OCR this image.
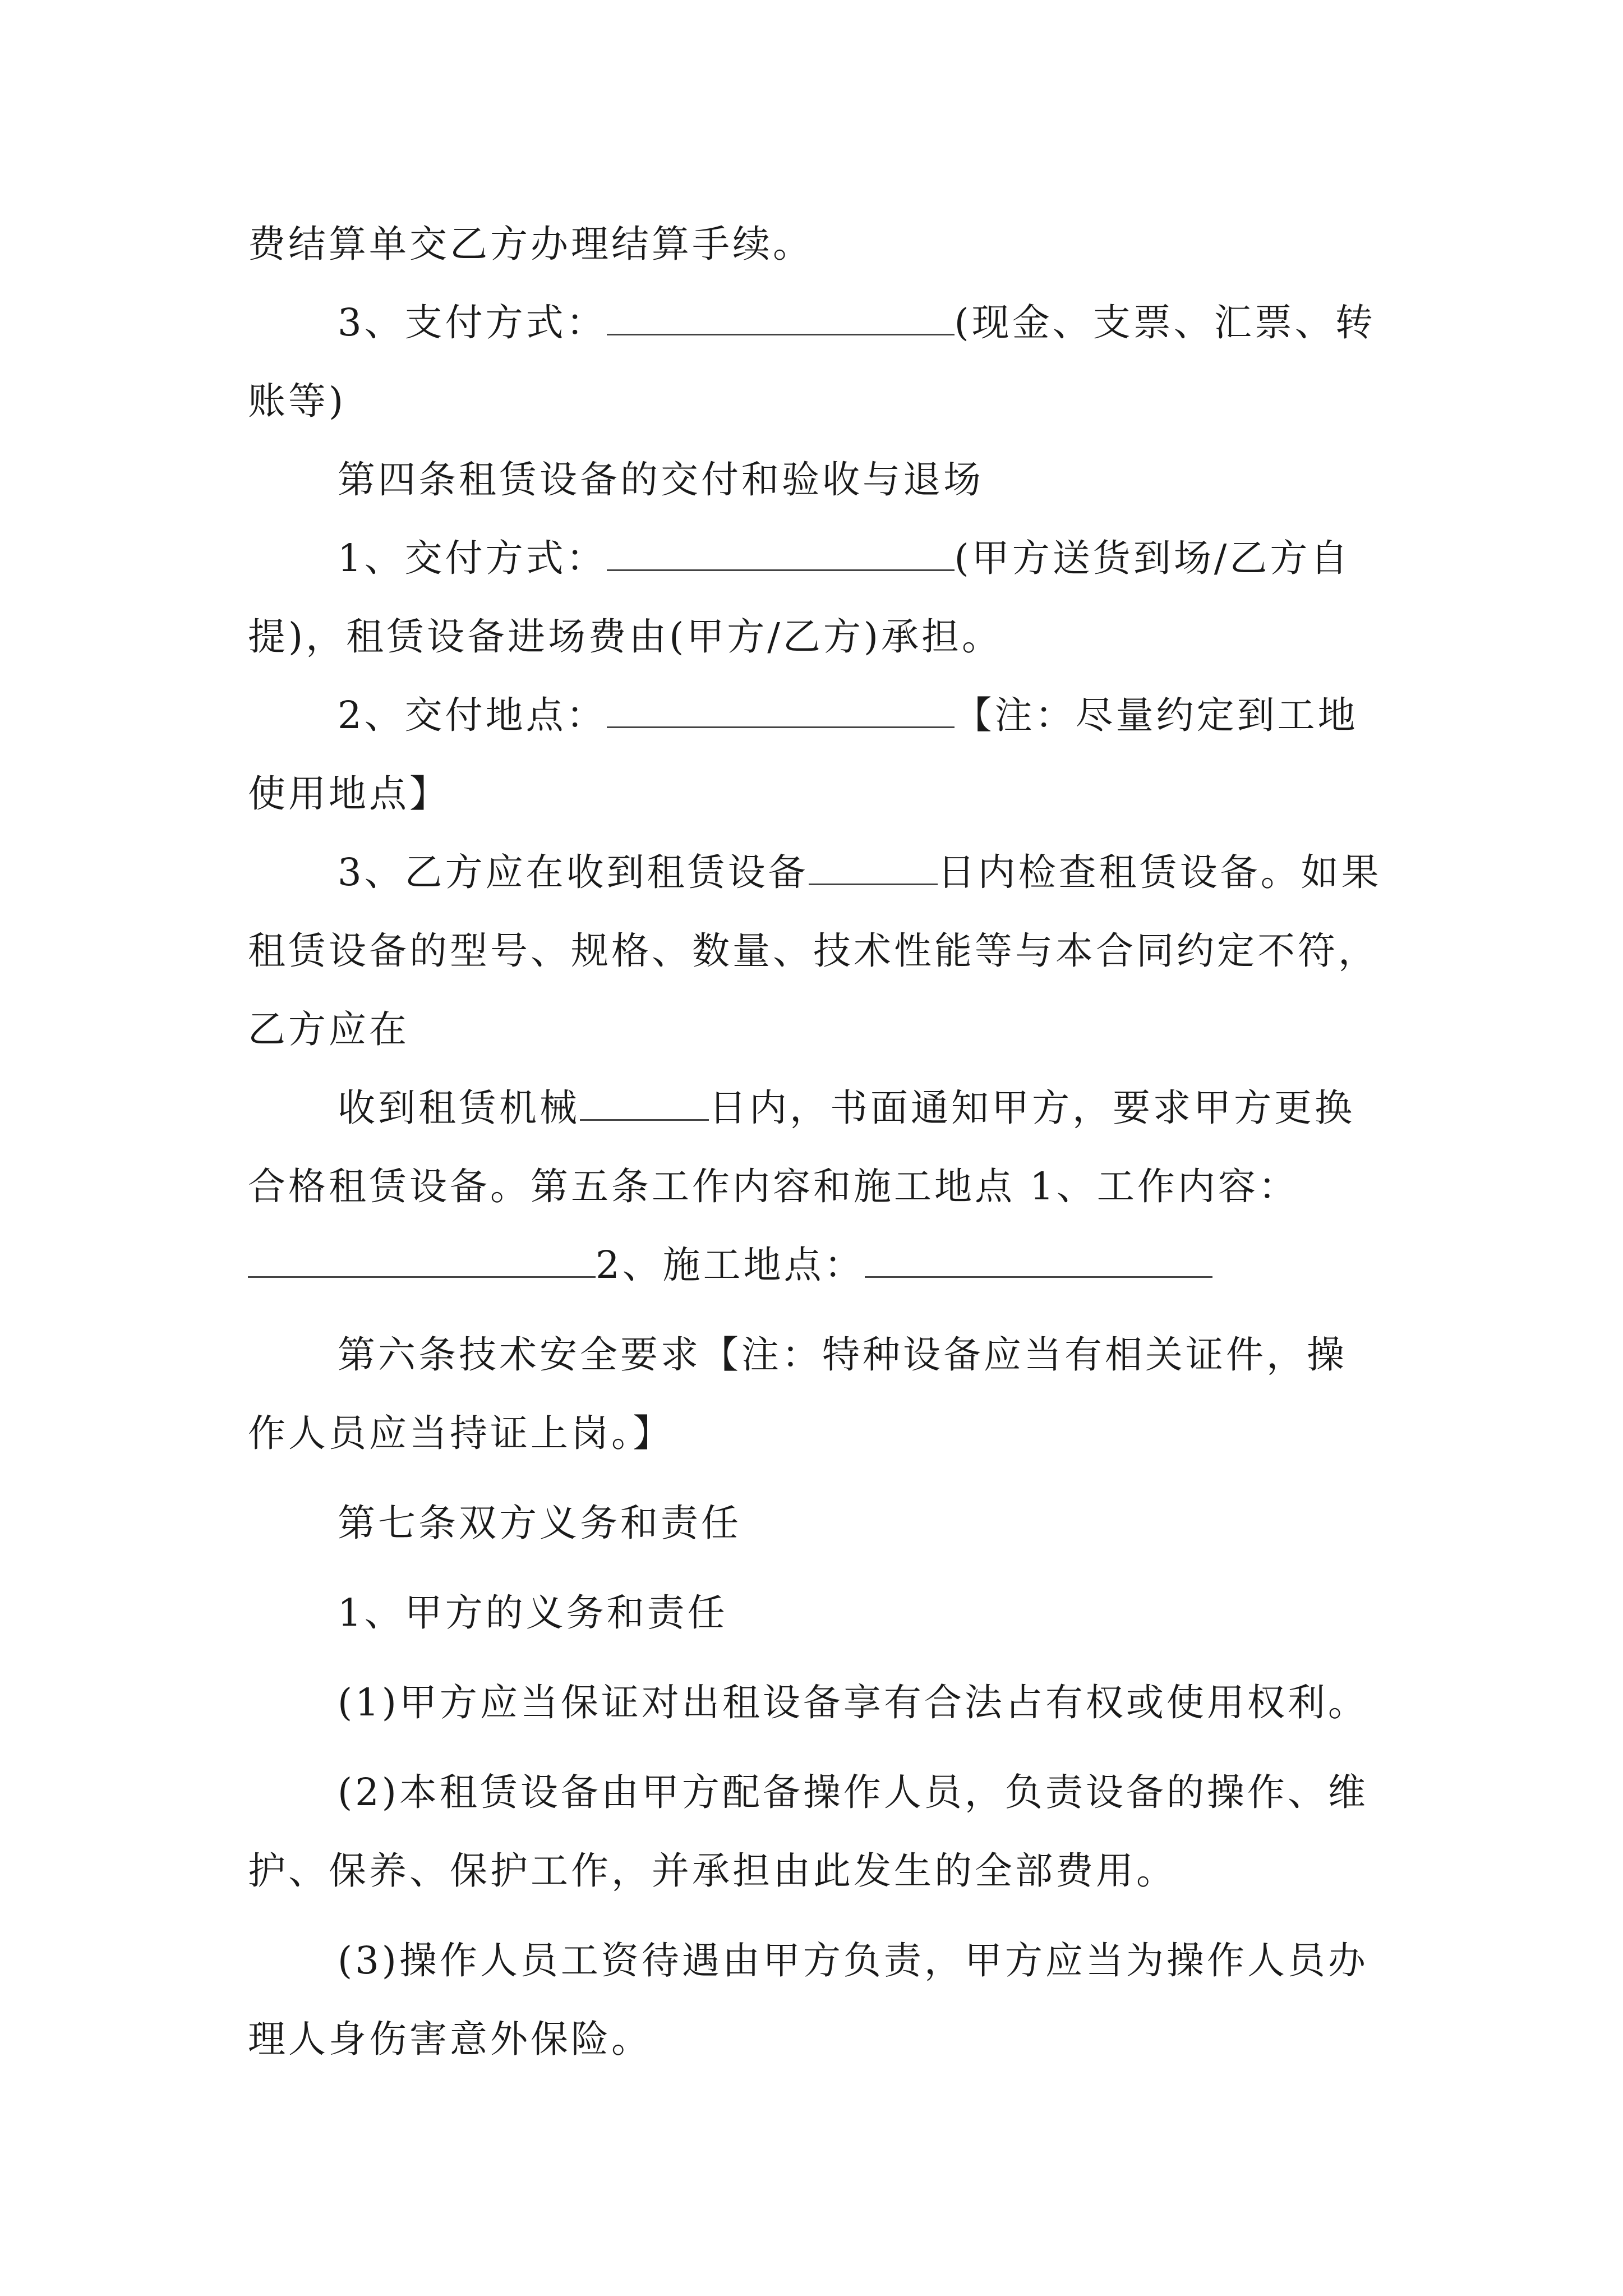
费结算单交乙方办理结算手续。

3、支付方式：	(现金、支票、汇票、转账等)

第四条租赁设备的交付和验收与退场

1、交付方式：	(甲方送货到场/乙方自提)，租赁设备进场费由(甲方/乙方)承担。

2、交付地点：	【注：尽量约定到工地使用地点】

3、乙方应在收到租赁设备	日内检查租赁设备。如果租赁设备的型号、规格、数量、技术性能等与本合同约定不符，乙方应在

收到租赁机械	日内，书面通知甲方，要求甲方更换合格租赁设备。第五条工作内容和施工地点 1、工作内容：

2、施工地点：

第六条技术安全要求【注：特种设备应当有相关证件，操作人员应当持证上岗。】

第七条双方义务和责任

1、甲方的义务和责任

(1)甲方应当保证对出租设备享有合法占有权或使用权利。

(2)本租赁设备由甲方配备操作人员，负责设备的操作、维护、保养、保护工作，并承担由此发生的全部费用。

(3)操作人员工资待遇由甲方负责，甲方应当为操作人员办理人身伤害意外保险。
